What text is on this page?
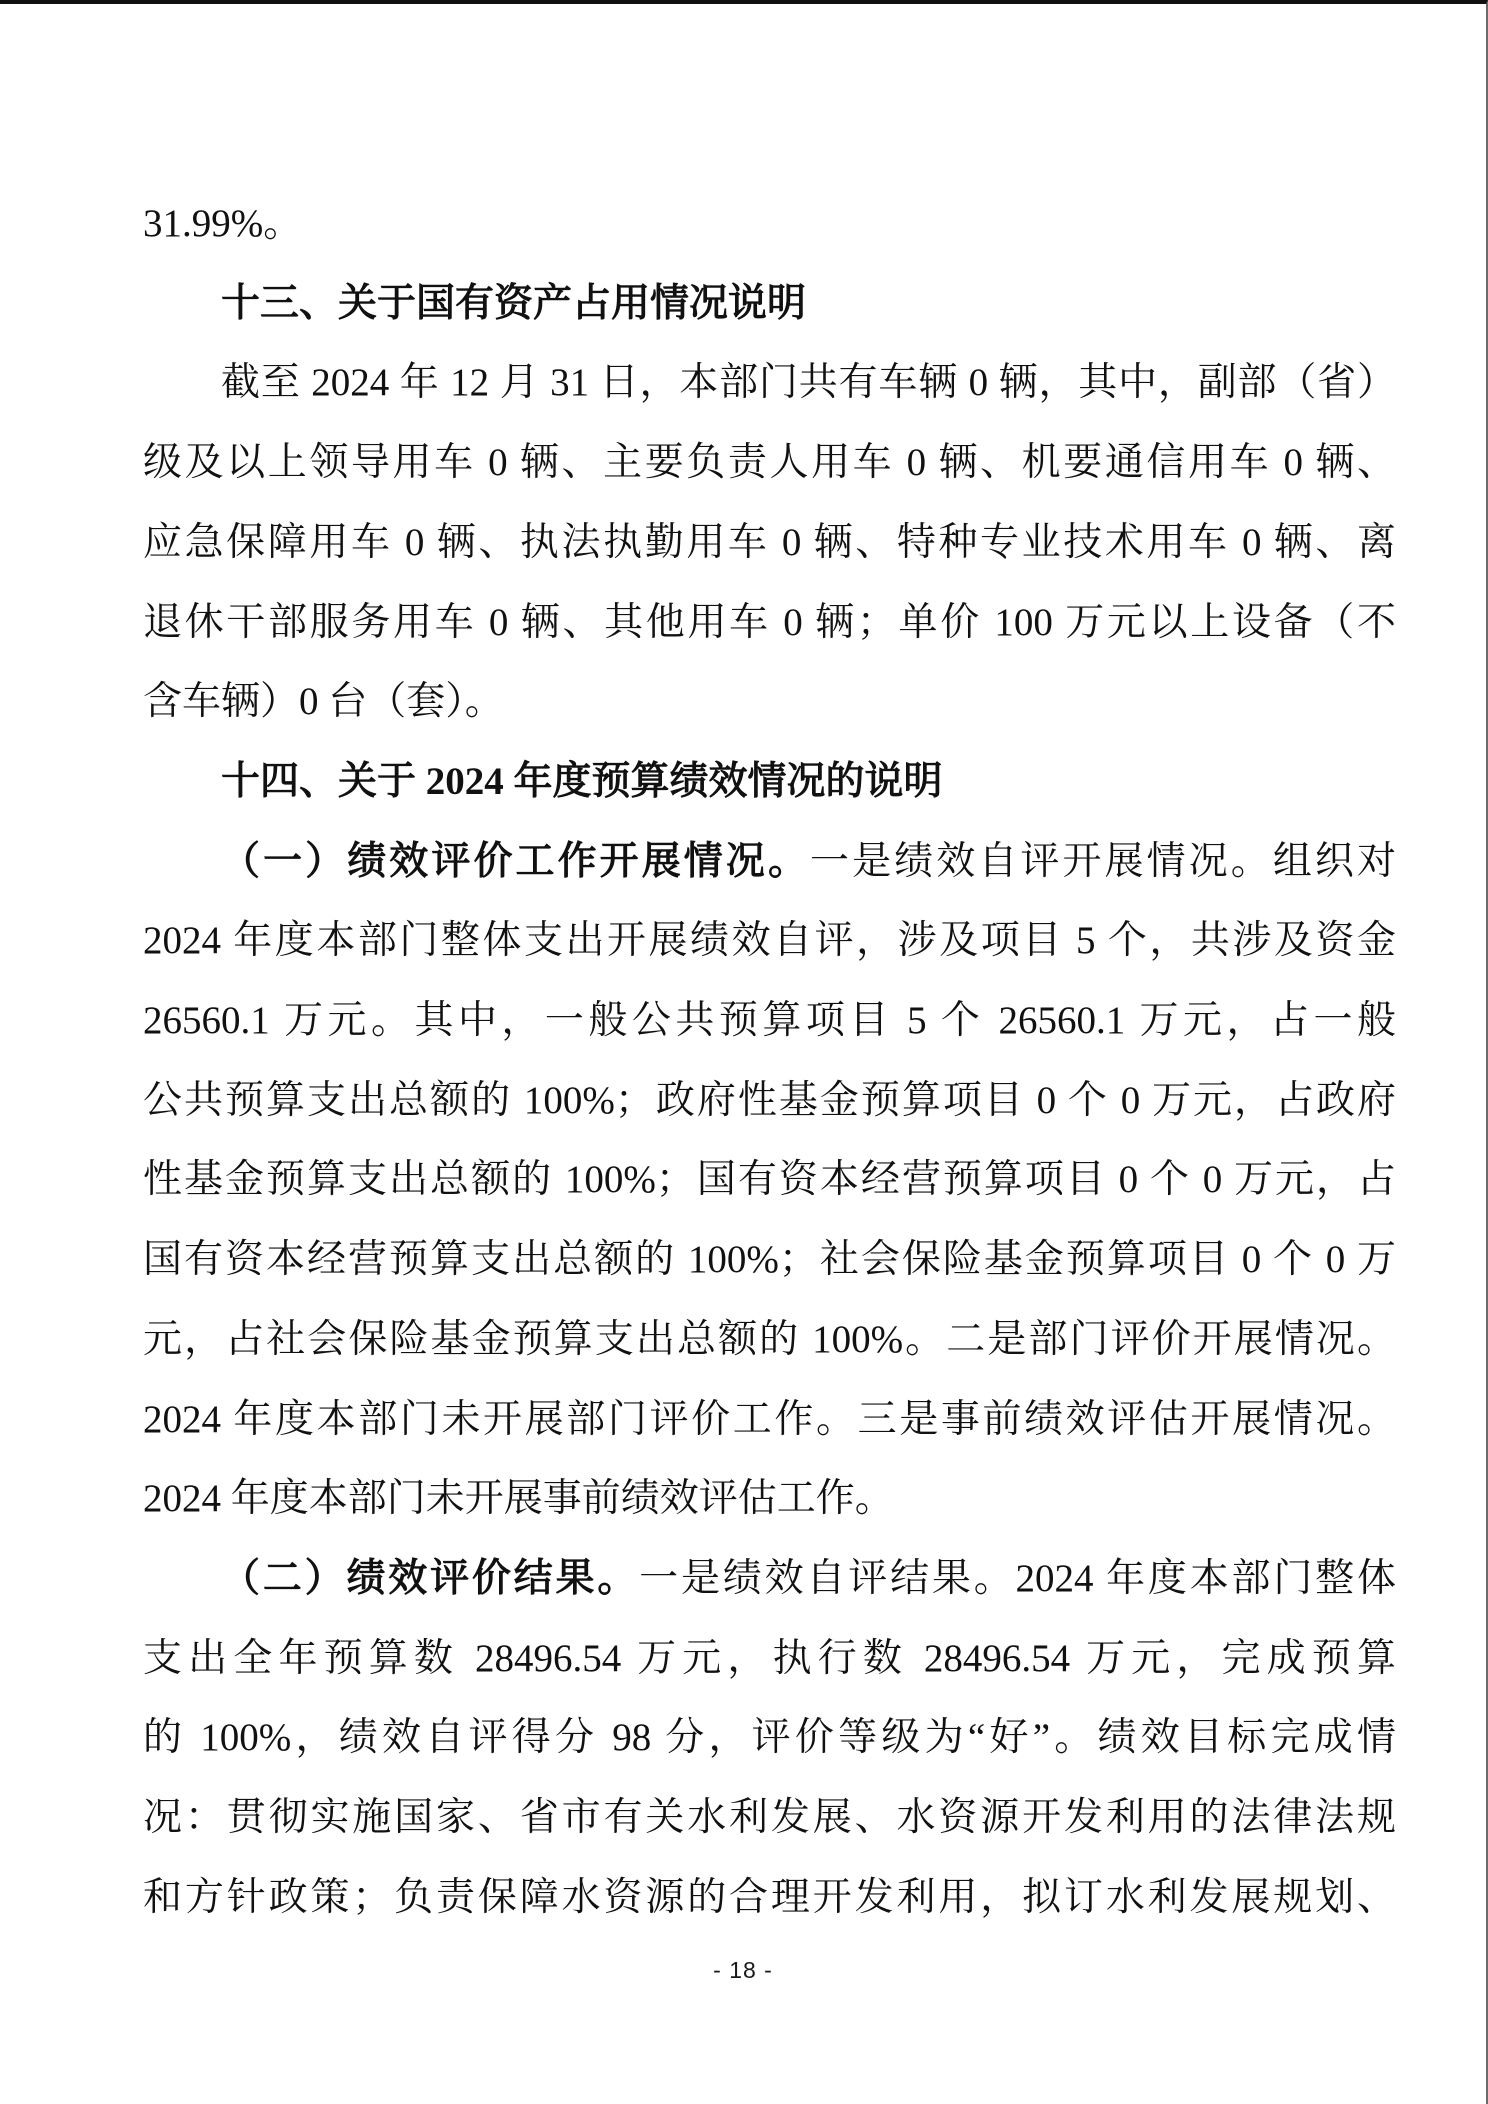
31.99%。
十三、关于国有资产占用情况说明
截至 2024 年 12 月 31 日，本部门共有车辆 0 辆，其中，副部（省）
级及以上领导用车 0 辆、主要负责人用车 0 辆、机要通信用车 0 辆、
应急保障用车 0 辆、执法执勤用车 0 辆、特种专业技术用车 0 辆、离
退休干部服务用车 0 辆、其他用车 0 辆；单价 100 万元以上设备（不
含车辆）0 台（套）。
十四、关于 2024 年度预算绩效情况的说明
（一）绩效评价工作开展情况。一是绩效自评开展情况。组织对
2024 年度本部门整体支出开展绩效自评，涉及项目 5 个，共涉及资金
26560.1 万元。其中，一般公共预算项目 5 个 26560.1 万元，占一般
公共预算支出总额的 100%；政府性基金预算项目 0 个 0 万元，占政府
性基金预算支出总额的 100%；国有资本经营预算项目 0 个 0 万元，占
国有资本经营预算支出总额的 100%；社会保险基金预算项目 0 个 0 万
元，占社会保险基金预算支出总额的 100%。二是部门评价开展情况。
2024 年度本部门未开展部门评价工作。三是事前绩效评估开展情况。
2024 年度本部门未开展事前绩效评估工作。
（二）绩效评价结果。一是绩效自评结果。2024 年度本部门整体
支出全年预算数 28496.54 万元，执行数 28496.54 万元，完成预算
的 100%，绩效自评得分 98 分，评价等级为“好”。绩效目标完成情
况：贯彻实施国家、省市有关水利发展、水资源开发利用的法律法规
和方针政策；负责保障水资源的合理开发利用，拟订水利发展规划、
- 18 -
